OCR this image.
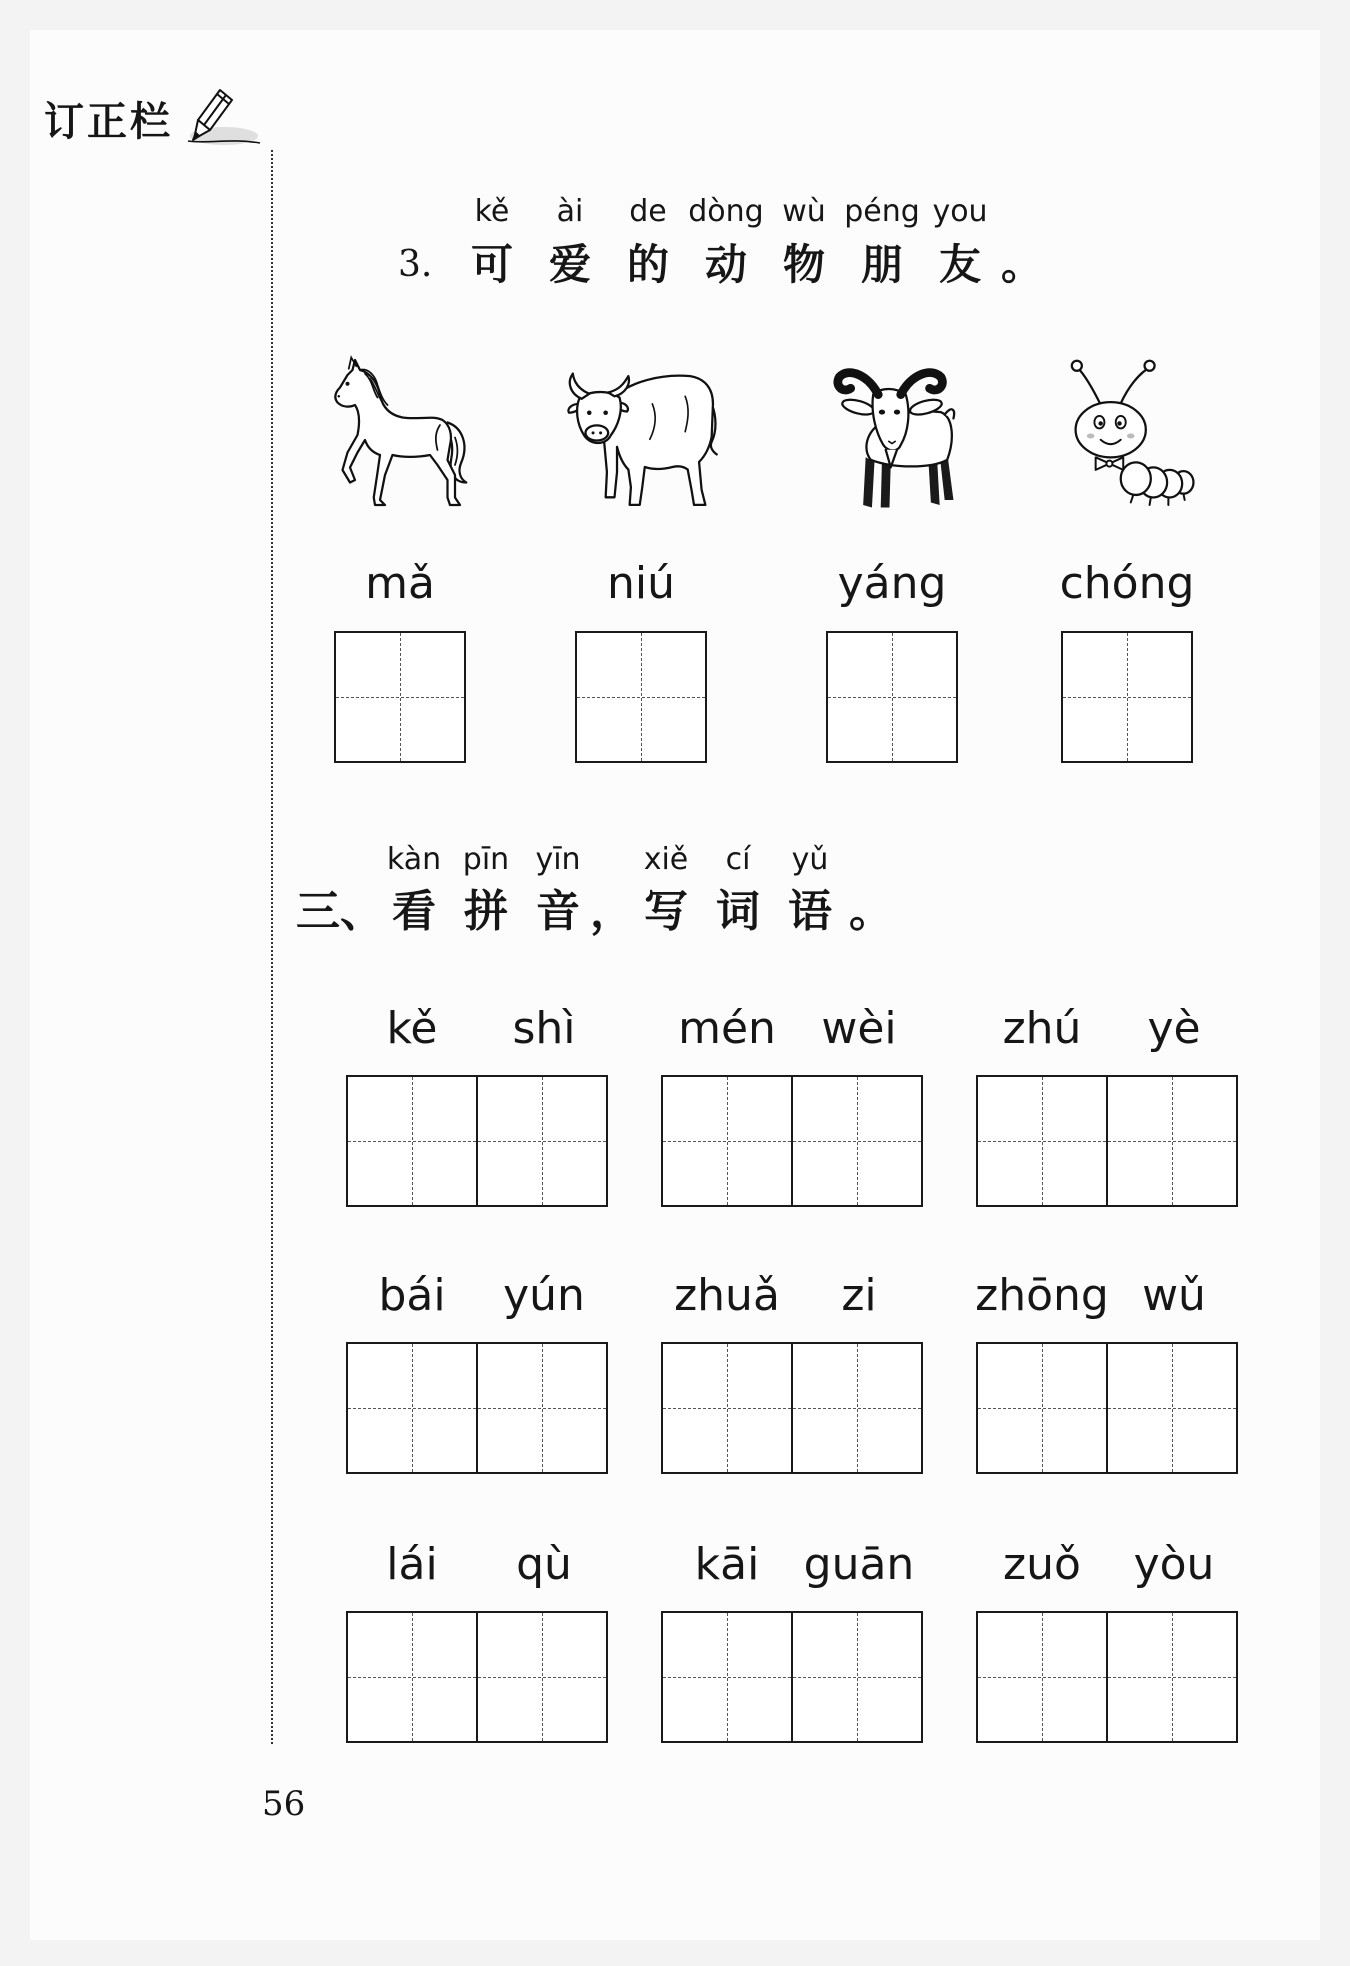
订正栏
3.
kě
可
ài
爱
de
的
dòng
动
wù
物
péng
朋
you
友 。
mǎ	niú	yáng	chóng
三、
kàn
看
pīn
拼
yīn
音 ，
xiě
写
cí
词
yǔ
语 。
kě	shì	mén	wèi	zhú	yè
bái	yún	zhuǎ	zi	zhōng wǔ
lái	qù	kāi	guān	zuǒ	yòu
56
